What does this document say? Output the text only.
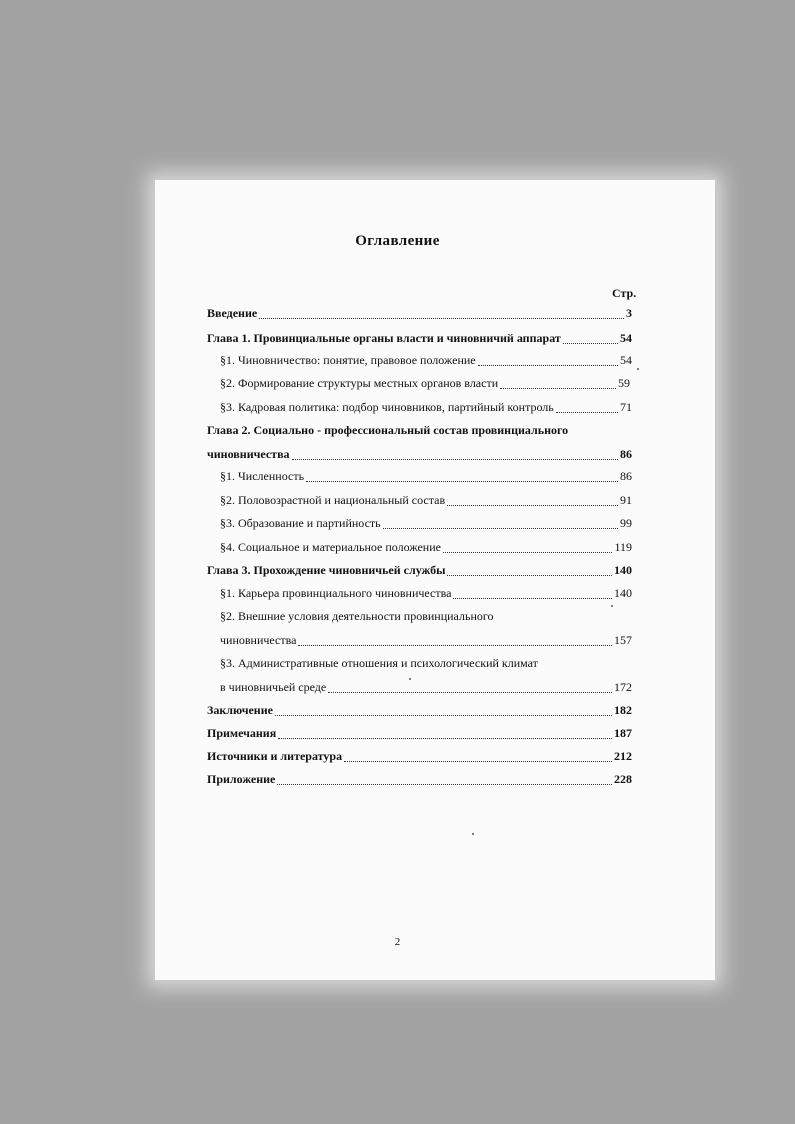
Оглавление
Стр.
Введение	3
Глава 1. Провинциальные органы власти и чиновничий аппарат	54
§1. Чиновничество: понятие, правовое положение	54
§2. Формирование структуры местных органов власти	59
§3. Кадровая политика: подбор чиновников, партийный контроль	71
Глава 2. Социально - профессиональный состав провинциального
чиновничества	86
§1. Численность	86
§2. Половозрастной и национальный состав	91
§3. Образование и партийность	99
§4. Социальное и материальное положение	119
Глава 3. Прохождение чиновничьей службы	140
§1. Карьера провинциального чиновничества	140
§2. Внешние условия деятельности провинциального
чиновничества	157
§3. Административные отношения и психологический климат
в чиновничьей среде	172
Заключение	182
Примечания	187
Источники и литература	212
Приложение	228
2
